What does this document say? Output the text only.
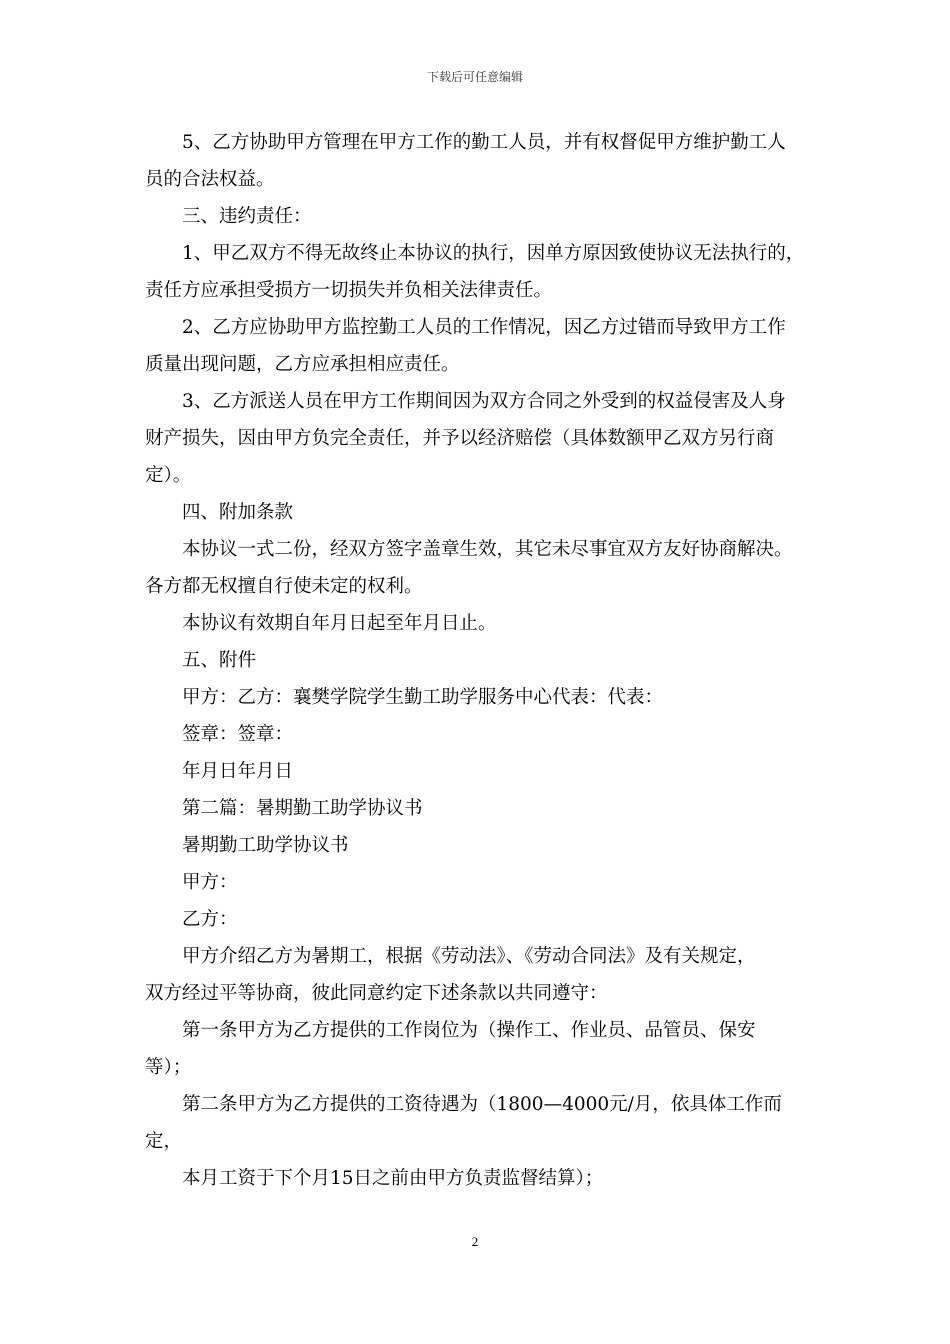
下载后可任意编辑
5、乙方协助甲方管理在甲方工作的勤工人员，并有权督促甲方维护勤工人
员的合法权益。
三、违约责任：
1、甲乙双方不得无故终止本协议的执行，因单方原因致使协议无法执行的，
责任方应承担受损方一切损失并负相关法律责任。
2、乙方应协助甲方监控勤工人员的工作情况，因乙方过错而导致甲方工作
质量出现问题，乙方应承担相应责任。
3、乙方派送人员在甲方工作期间因为双方合同之外受到的权益侵害及人身
财产损失，因由甲方负完全责任，并予以经济赔偿（具体数额甲乙双方另行商
定）。
四、附加条款
本协议一式二份，经双方签字盖章生效，其它未尽事宜双方友好协商解决。
各方都无权擅自行使未定的权利。
本协议有效期自年月日起至年月日止。
五、附件
甲方：乙方：襄樊学院学生勤工助学服务中心代表：代表：
签章：签章：
年月日年月日
第二篇：暑期勤工助学协议书
暑期勤工助学协议书
甲方：
乙方：
甲方介绍乙方为暑期工，根据《劳动法》、《劳动合同法》及有关规定，
双方经过平等协商，彼此同意约定下述条款以共同遵守：
第一条甲方为乙方提供的工作岗位为（操作工、作业员、品管员、保安
等）；
第二条甲方为乙方提供的工资待遇为（1800—4000元/月，依具体工作而
定，
本月工资于下个月15日之前由甲方负责监督结算）；
2
